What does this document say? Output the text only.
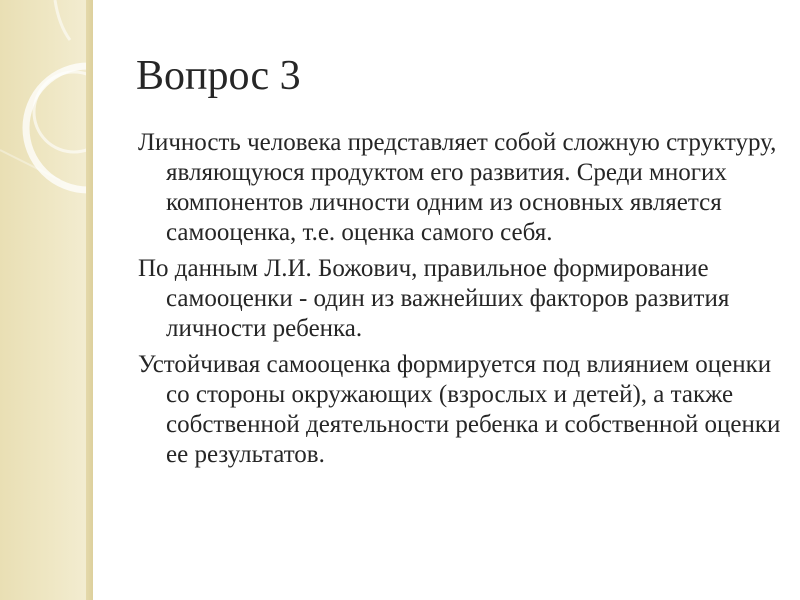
Вопрос 3
Личность человека представляет собой сложную структуру, являющуюся продуктом его развития. Среди многих компонентов личности одним из основных является самооценка, т.е. оценка самого себя.
По данным Л.И. Божович, правильное формирование самооценки - один из важнейших факторов развития личности ребенка.
Устойчивая самооценка формируется под влиянием оценки со стороны окружающих (взрослых и детей), а также собственной деятельности ребенка и собственной оценки ее результатов.
